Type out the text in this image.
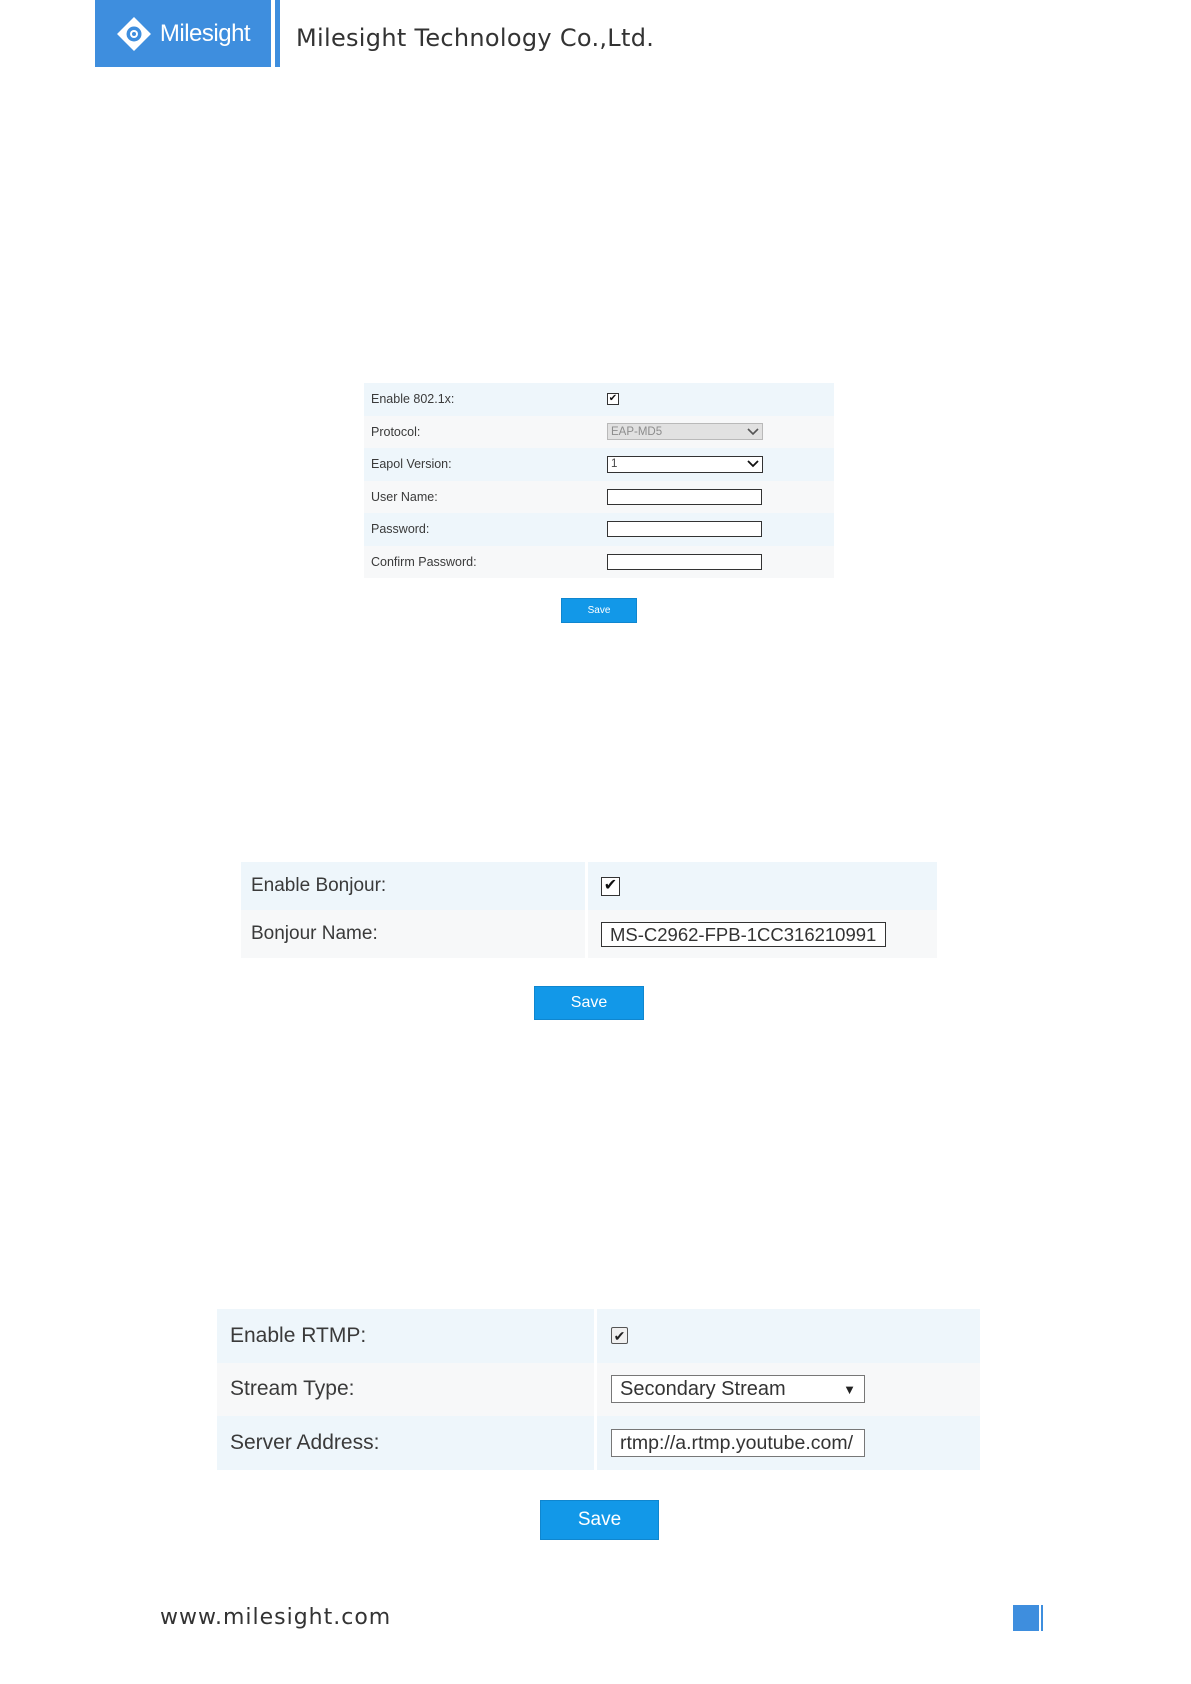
Milesight Milesight Technology Co.,Ltd.
Enable 802.1x:	✔
Protocol:	EAP-MD5
Eapol Version:	1
User Name:
Password:
Confirm Password:
Save
Enable Bonjour:	✔
Bonjour Name:	MS-C2962-FPB-1CC316210991
Save
Enable RTMP:	✔
Stream Type:	Secondary Stream	▼
Server Address:	rtmp://a.rtmp.youtube.com/
Save
www.milesight.com
